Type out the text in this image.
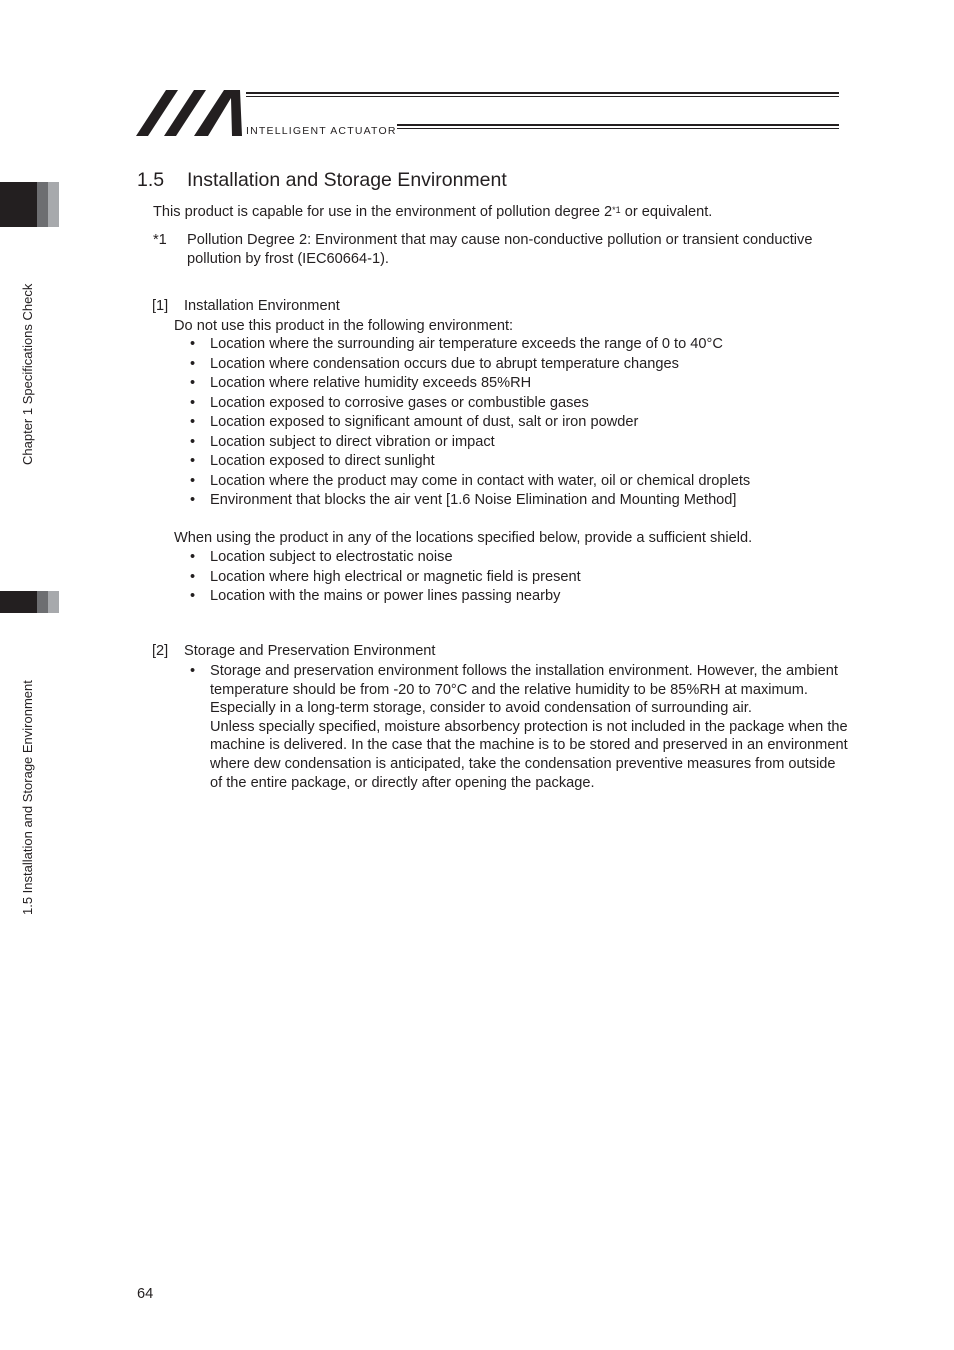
INTELLIGENT ACTUATOR
Chapter 1 Specifications Check
1.5 Installation and Storage Environment
1.5 Installation and Storage Environment
This product is capable for use in the environment of pollution degree 2$^{*1}$ or equivalent.
*1 Pollution Degree 2: Environment that may cause non-conductive pollution or transient conductive pollution by frost (IEC60664-1).
[1] Installation Environment
Do not use this product in the following environment:
• Location where the surrounding air temperature exceeds the range of 0 to 40°C
• Location where condensation occurs due to abrupt temperature changes
• Location where relative humidity exceeds 85%RH
• Location exposed to corrosive gases or combustible gases
• Location exposed to significant amount of dust, salt or iron powder
• Location subject to direct vibration or impact
• Location exposed to direct sunlight
• Location where the product may come in contact with water, oil or chemical droplets
• Environment that blocks the air vent [1.6 Noise Elimination and Mounting Method]
When using the product in any of the locations specified below, provide a sufficient shield.
• Location subject to electrostatic noise
• Location where high electrical or magnetic field is present
• Location with the mains or power lines passing nearby
[2] Storage and Preservation Environment
• Storage and preservation environment follows the installation environment. However, the ambient temperature should be from -20 to 70°C and the relative humidity to be 85%RH at maximum. Especially in a long-term storage, consider to avoid condensation of surrounding air.
Unless specially specified, moisture absorbency protection is not included in the package when the machine is delivered. In the case that the machine is to be stored and preserved in an environment where dew condensation is anticipated, take the condensation preventive measures from outside of the entire package, or directly after opening the package.
64
